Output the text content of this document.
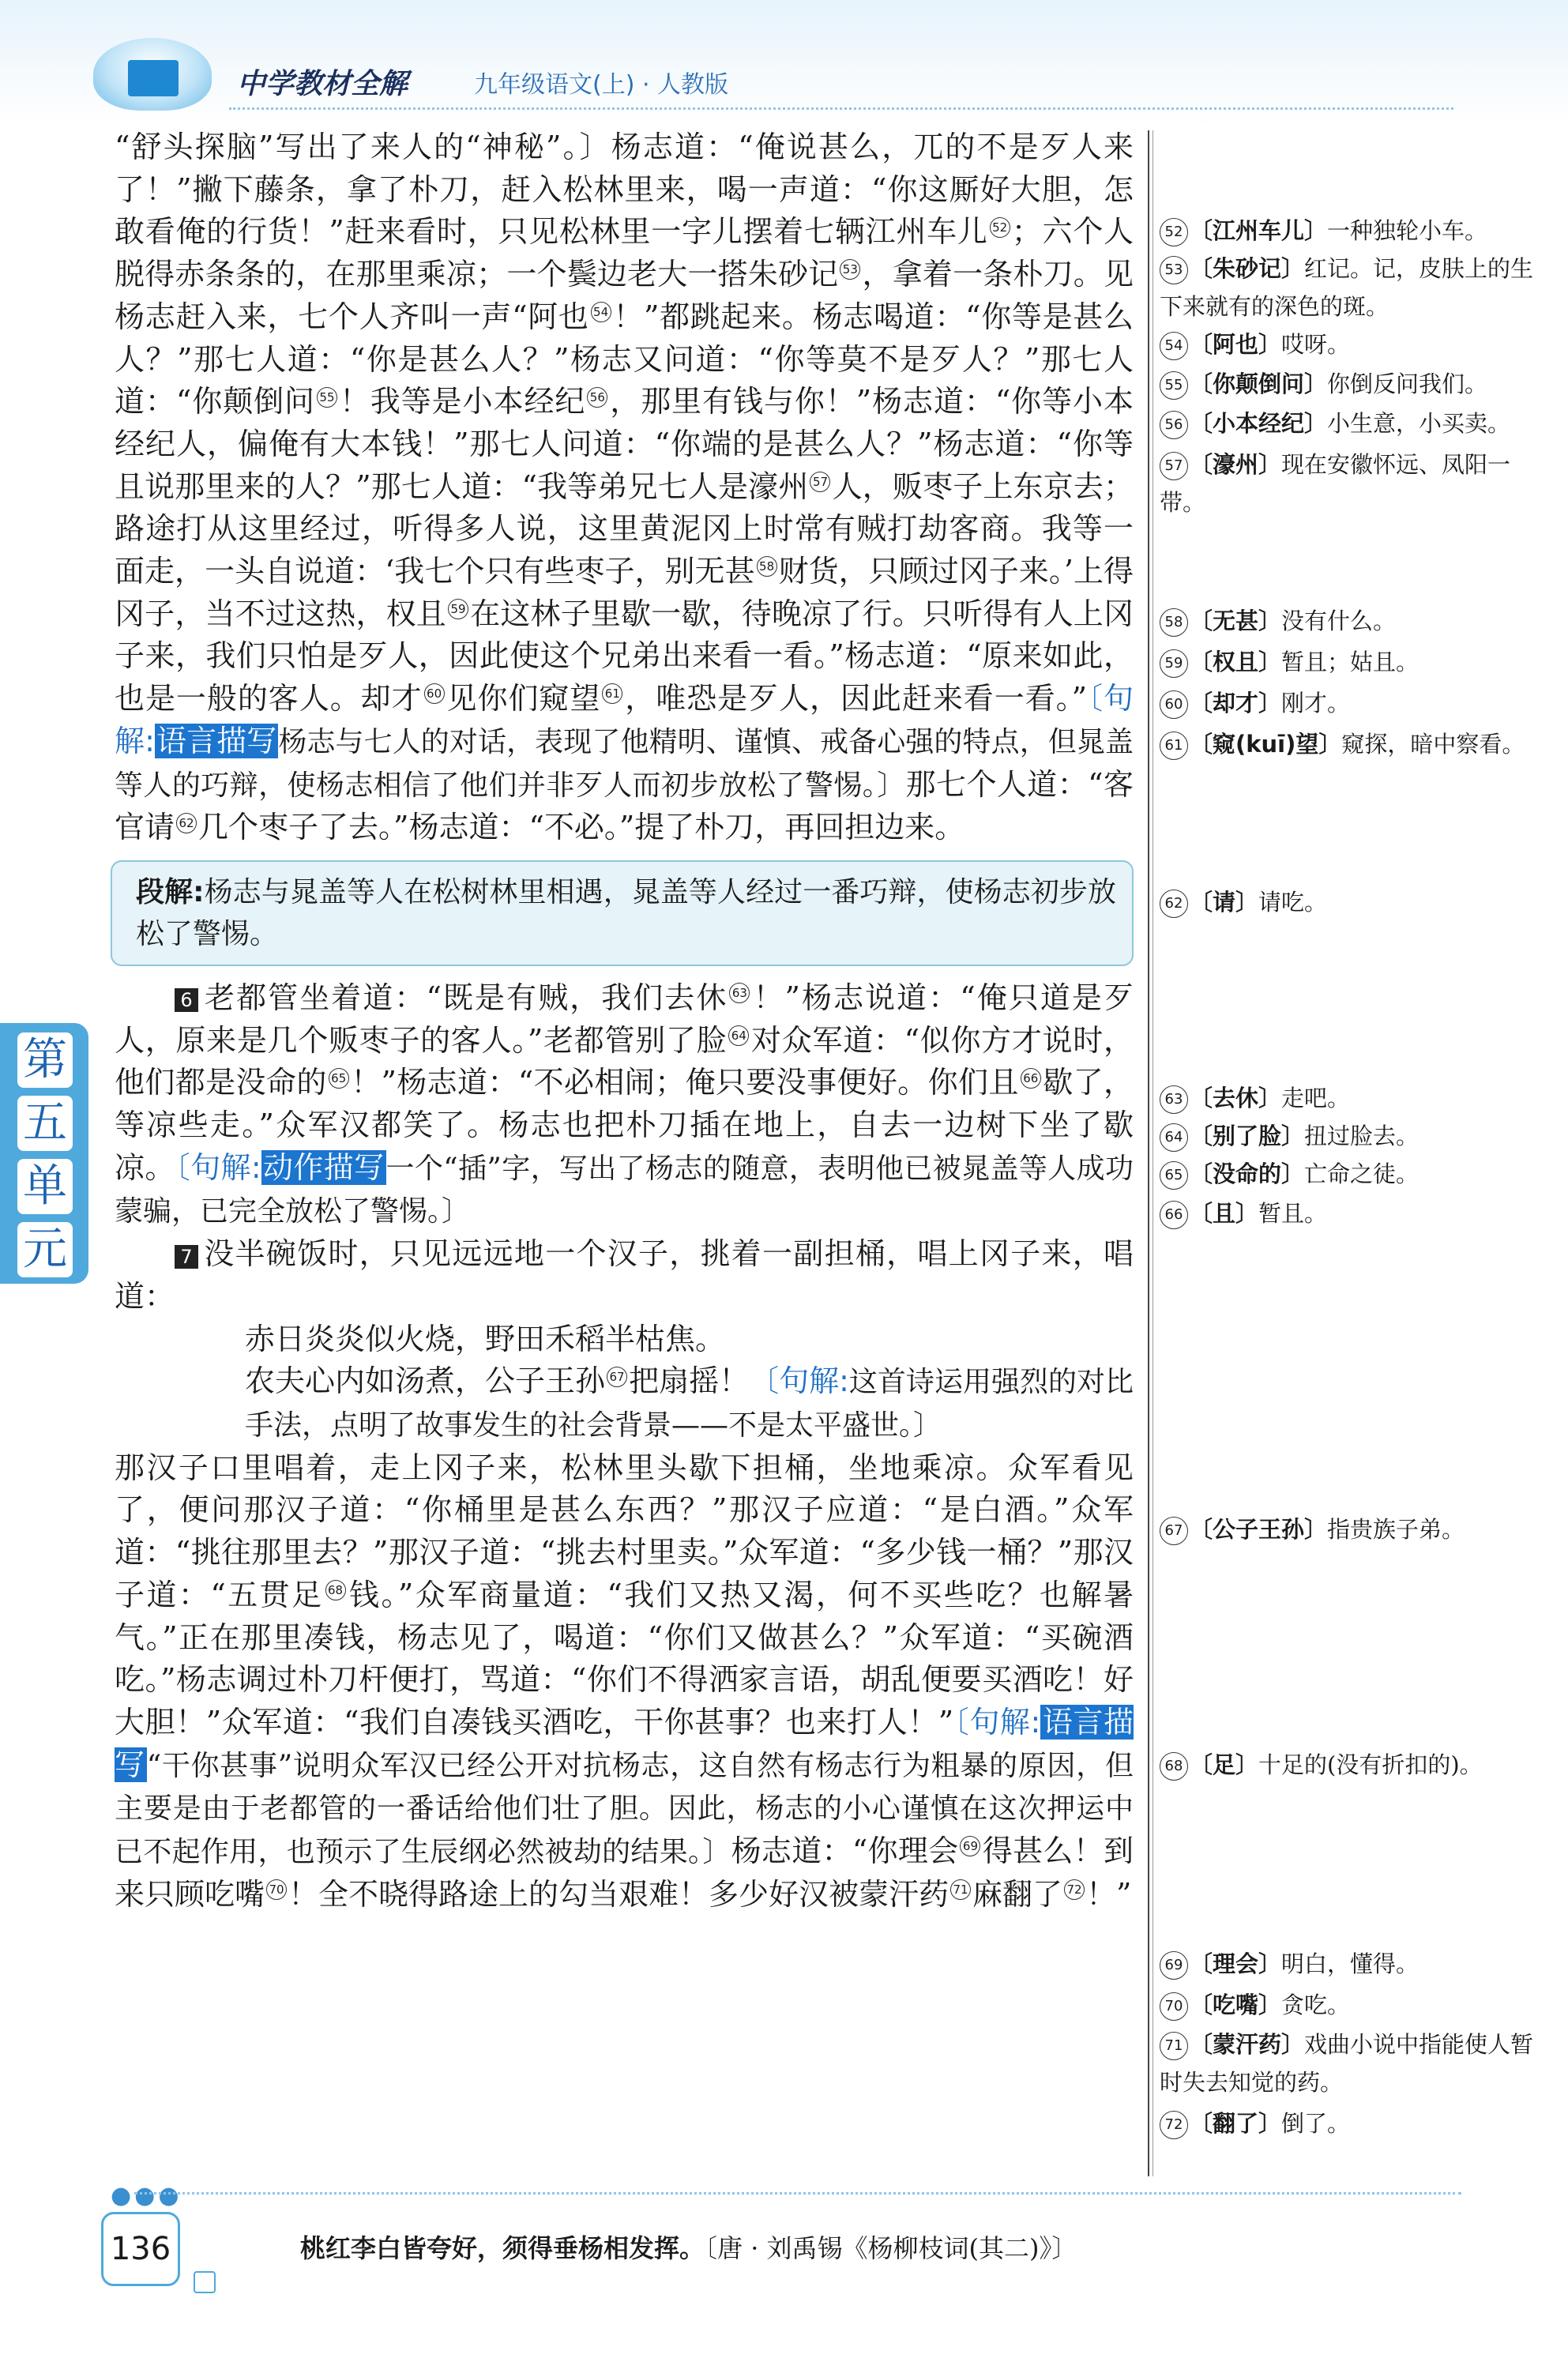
中学教材全解	九年级语文(上) · 人教版
第
五
单
元

“舒头探脑”写出了来人的“神秘”。〕杨志道：“俺说甚么，兀的不是歹人来了！”撇下藤条，拿了朴刀，赶入松林里来，喝一声道：“你这厮好大胆，怎敢看俺的行货！”赶来看时，只见松林里一字儿摆着七辆江州车儿 52 ；六个人脱得赤条条的，在那里乘凉；一个鬓边老大一搭朱砂记 53 ，拿着一条朴刀。见杨志赶入来，七个人齐叫一声“阿也 54 ！”都跳起来。杨志喝道：“你等是甚么人？”那七人道：“你是甚么人？”杨志又问道：“你等莫不是歹人？”那七人道：“你颠倒问 55 ！我等是小本经纪 56 ，那里有钱与你！”杨志道：“你等小本经纪人，偏俺有大本钱！”那七人问道：“你端的是甚么人？”杨志道：“你等且说那里来的人？”那七人道：“我等弟兄七人是濠州 57 人，贩枣子上东京去；路途打从这里经过，听得多人说，这里黄泥冈上时常有贼打劫客商。我等一面走，一头自说道：‘我七个只有些枣子，别无甚 58 财货，只顾过冈子来。’上得冈子，当不过这热，权且 59 在这林子里歇一歇，待晚凉了行。只听得有人上冈子来，我们只怕是歹人，因此使这个兄弟出来看一看。”杨志道：“原来如此，也是一般的客人。却才 60 见你们窥望 61 ，唯恐是歹人，因此赶来看一看。”〔句解:语言描写杨志与七人的对话，表现了他精明、谨慎、戒备心强的特点，但晁盖等人的巧辩，使杨志相信了他们并非歹人而初步放松了警惕。〕那七个人道：“客官请 62 几个枣子了去。”杨志道：“不必。”提了朴刀，再回担边来。

段解:杨志与晁盖等人在松树林里相遇，晁盖等人经过一番巧辩，使杨志初步放松了警惕。

6 老都管坐着道：“既是有贼，我们去休 63 ！”杨志说道：“俺只道是歹人，原来是几个贩枣子的客人。”老都管别了脸 64 对众军道：“似你方才说时，他们都是没命的 65 ！”杨志道：“不必相闹；俺只要没事便好。你们且 66 歇了，等凉些走。”众军汉都笑了。杨志也把朴刀插在地上，自去一边树下坐了歇凉。〔句解:动作描写一个“插”字，写出了杨志的随意，表明他已被晁盖等人成功蒙骗，已完全放松了警惕。〕

7 没半碗饭时，只见远远地一个汉子，挑着一副担桶，唱上冈子来，唱道：

赤日炎炎似火烧，野田禾稻半枯焦。

农夫心内如汤煮，公子王孙 67 把扇摇！〔句解:这首诗运用强烈的对比手法，点明了故事发生的社会背景——不是太平盛世。〕

那汉子口里唱着，走上冈子来，松林里头歇下担桶，坐地乘凉。众军看见了，便问那汉子道：“你桶里是甚么东西？”那汉子应道：“是白酒。”众军道：“挑往那里去？”那汉子道：“挑去村里卖。”众军道：“多少钱一桶？”那汉子道：“五贯足 68 钱。”众军商量道：“我们又热又渴，何不买些吃？也解暑气。”正在那里凑钱，杨志见了，喝道：“你们又做甚么？”众军道：“买碗酒吃。”杨志调过朴刀杆便打，骂道：“你们不得洒家言语，胡乱便要买酒吃！好大胆！”众军道：“我们自凑钱买酒吃，干你甚事？也来打人！”〔句解:语言描写“干你甚事”说明众军汉已经公开对抗杨志，这自然有杨志行为粗暴的原因，但主要是由于老都管的一番话给他们壮了胆。因此，杨志的小心谨慎在这次押运中已不起作用，也预示了生辰纲必然被劫的结果。〕杨志道：“你理会 69 得甚么！到来只顾吃嘴 70 ！全不晓得路途上的勾当艰难！多少好汉被蒙汗药 71 麻翻了 72 ！”

52 〔江州车儿〕一种独轮小车。
53 〔朱砂记〕红记。记，皮肤上的生下来就有的深色的斑。
54 〔阿也〕哎呀。
55 〔你颠倒问〕你倒反问我们。
56 〔小本经纪〕小生意，小买卖。
57 〔濠州〕现在安徽怀远、凤阳一带。
58 〔无甚〕没有什么。
59 〔权且〕暂且；姑且。
60 〔却才〕刚才。
61 〔窥(kuī)望〕窥探，暗中察看。
62 〔请〕请吃。
63 〔去休〕走吧。
64 〔别了脸〕扭过脸去。
65 〔没命的〕亡命之徒。
66 〔且〕暂且。
67 〔公子王孙〕指贵族子弟。
68 〔足〕十足的(没有折扣的)。
69 〔理会〕明白，懂得。
70 〔吃嘴〕贪吃。
71 〔蒙汗药〕戏曲小说中指能使人暂时失去知觉的药。
72 〔翻了〕倒了。
●●●
136	桃红李白皆夸好，须得垂杨相发挥。〔唐 · 刘禹锡《杨柳枝词(其二)》〕
